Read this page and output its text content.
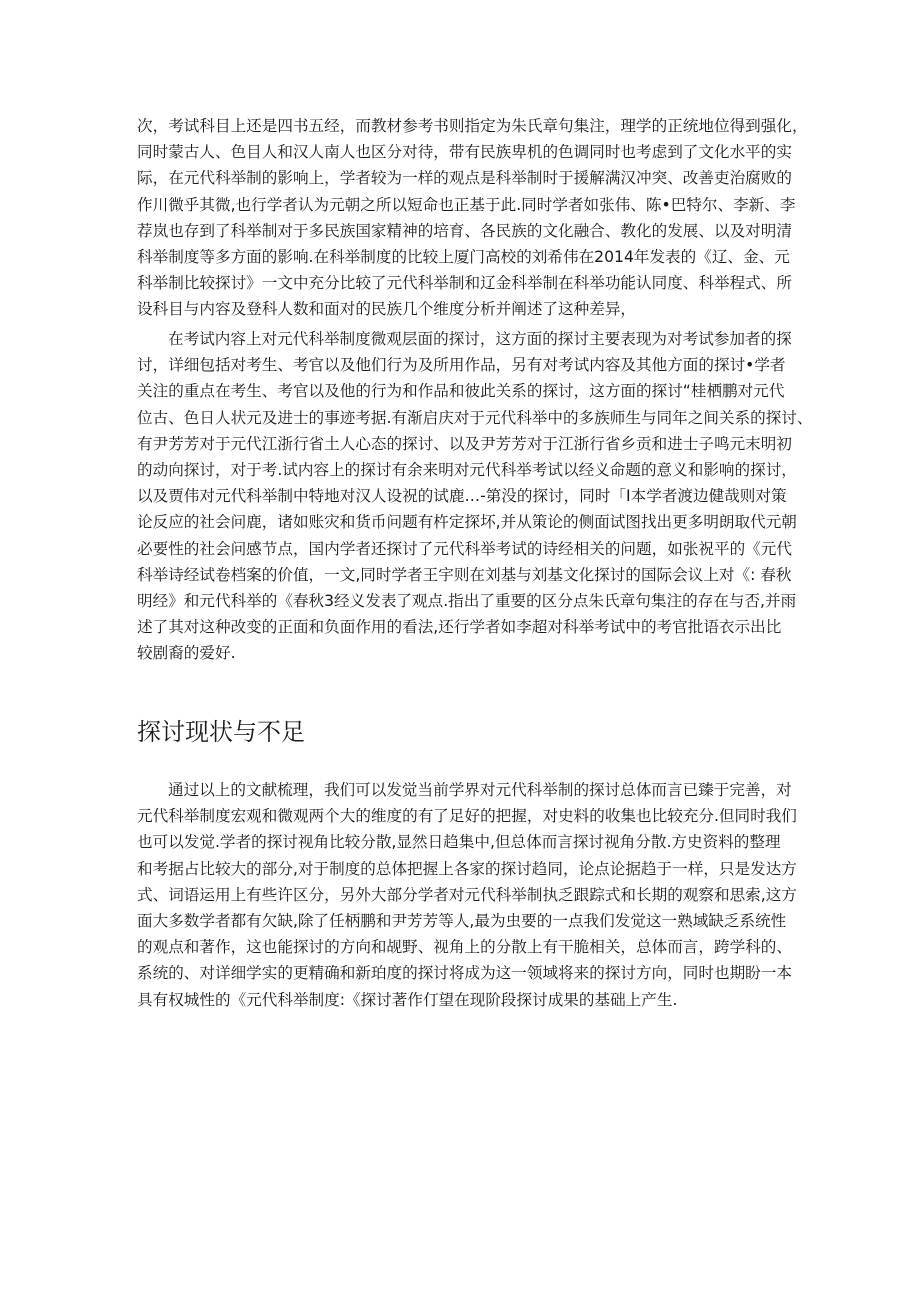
次，考试科目上还是四书五经，而教材参考书则指定为朱氏章句集注，理学的正统地位得到强化，
同时蒙古人、色目人和汉人南人也区分对待，带有民族卑机的色调同时也考虑到了文化水平的实
际，在元代科举制的影响上，学者较为一样的观点是科举制时于援解满汉冲突、改善吏治腐败的
作川微乎其微,也行学者认为元朝之所以短命也正基于此.同时学者如张伟、陈•巴特尔、李新、李
荐岚也存到了科举制对于多民族国家精神的培育、各民族的文化融合、教化的发展、以及对明清
科举制度等多方面的影响.在科举制度的比较上厦门高校的刘希伟在2014年发表的《辽、金、元
科举制比较探讨》一文中充分比较了元代科举制和辽金科举制在科举功能认同度、科举程式、所
设科目与内容及登科人数和面对的民族几个维度分析并阐述了这种差异，
在考试内容上对元代科举制度微观层面的探讨，这方面的探讨主要表现为对考试参加者的探
讨，详细包括对考生、考官以及他们行为及所用作品，另有对考试内容及其他方面的探讨•学者
关注的重点在考生、考官以及他的行为和作品和彼此关系的探讨，这方面的探讨“桂栖鹏对元代
位古、色日人状元及进士的事迹考据.有渐启庆对于元代科举中的多族师生与同年之间关系的探讨、
有尹芳芳对于元代江浙行省土人心态的探讨、以及尹芳芳对于江浙行省乡贡和进士子鸣元末明初
的动向探讨，对于考.试内容上的探讨有余来明对元代科举考试以经义命题的意义和影响的探讨，
以及贾伟对元代科举制中特地对汉人设祝的试鹿…-第没的探讨，同时「I本学者渡边健哉则对策
论反应的社会问鹿，诸如账灾和货币问题有杵定探坏,并从策论的侧面试图找出更多明朗取代元朝
必要性的社会问感节点，国内学者还探讨了元代科举考试的诗经相关的问题，如张祝平的《元代
科举诗经试卷档案的价值，一文,同时学者王宇则在刘基与刘基文化探讨的国际会议上对《: 春秋
明经》和元代科举的《春秋3经义发表了观点.指出了重要的区分点朱氏章句集注的存在与否,并雨
述了其对这种改变的正面和负面作用的看法,还行学者如李超对科举考试中的考官批语衣示出比
较剧裔的爱好.
探讨现状与不足
通过以上的文献梳理，我们可以发觉当前学界对元代科举制的探讨总体而言已臻于完善，对
元代科举制度宏观和微观两个大的维度的有了足好的把握，对史料的收集也比较充分.但同时我们
也可以发觉.学者的探讨视角比较分散,显然日趋集中,但总体而言探讨视角分散.方史资料的整理
和考据占比较大的部分,对于制度的总体把握上各家的探讨趋同，论点论据趋于一样，只是发达方
式、词语运用上有些许区分，另外大部分学者对元代科举制执乏跟踪式和长期的观察和思索,这方
面大多数学者都有欠缺,除了任柄鹏和尹芳芳等人,最为虫要的一点我们发觉这一熟域缺乏系统性
的观点和著作，这也能探讨的方向和觇野、视角上的分散上有干脆相关，总体而言，跨学科的、
系统的、对详细学实的更精确和新珀度的探讨将成为这一领域将来的探讨方向，同时也期盼一本
具有权城性的《元代科举制度:《探讨著作仃望在现阶段探讨成果的基础上产生.
